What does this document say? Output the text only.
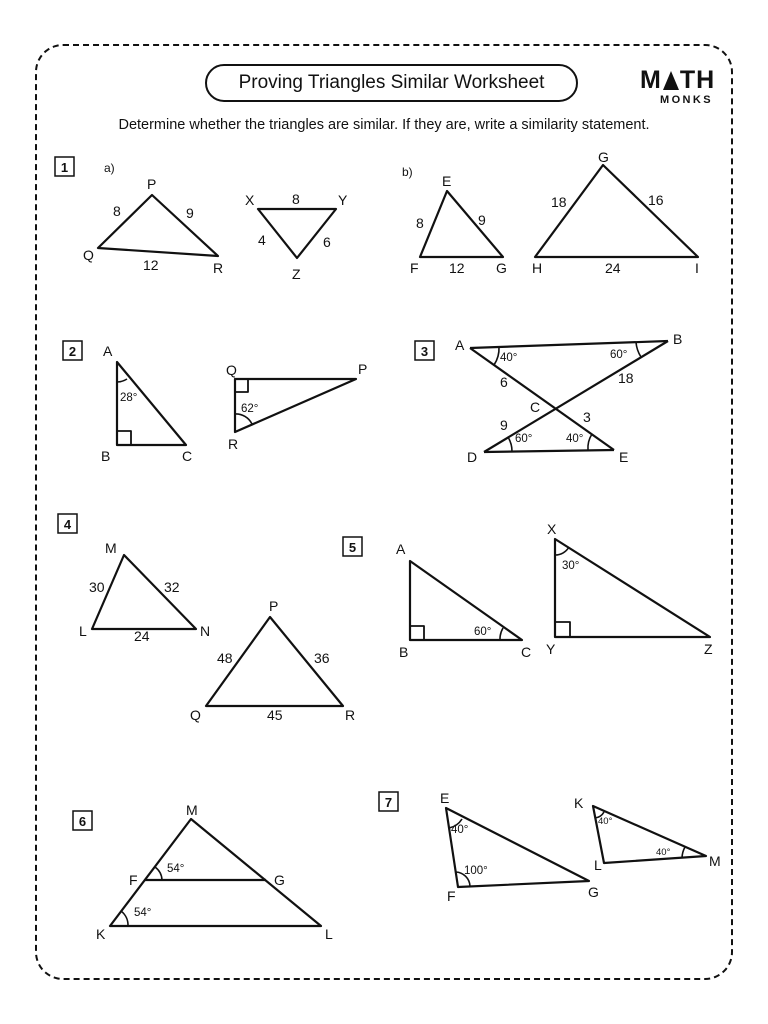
Proving Triangles Similar Worksheet	M TH
MONKS
Determine whether the triangles are similar. If they are, write a similarity statement.
1
2	3
4
5
6
7
a)	b)
P
Q
R
8	9
12
X	Y
Z
8
4	6
E
F	G
8	9
12
G
H	I
18	16
24
A
B	C
28°
Q	P
R
62°
A	B
C
D	E
40°	60°
60°	40°
6	18
9	3
M
L	N
30	32
24
P
Q	R
48	36
45
A
B	C
60°
X
Y	Z
30°
M
F	G
K	L
54°
54°
E
F	G
40°
100°
K
L	M
40°
40°
